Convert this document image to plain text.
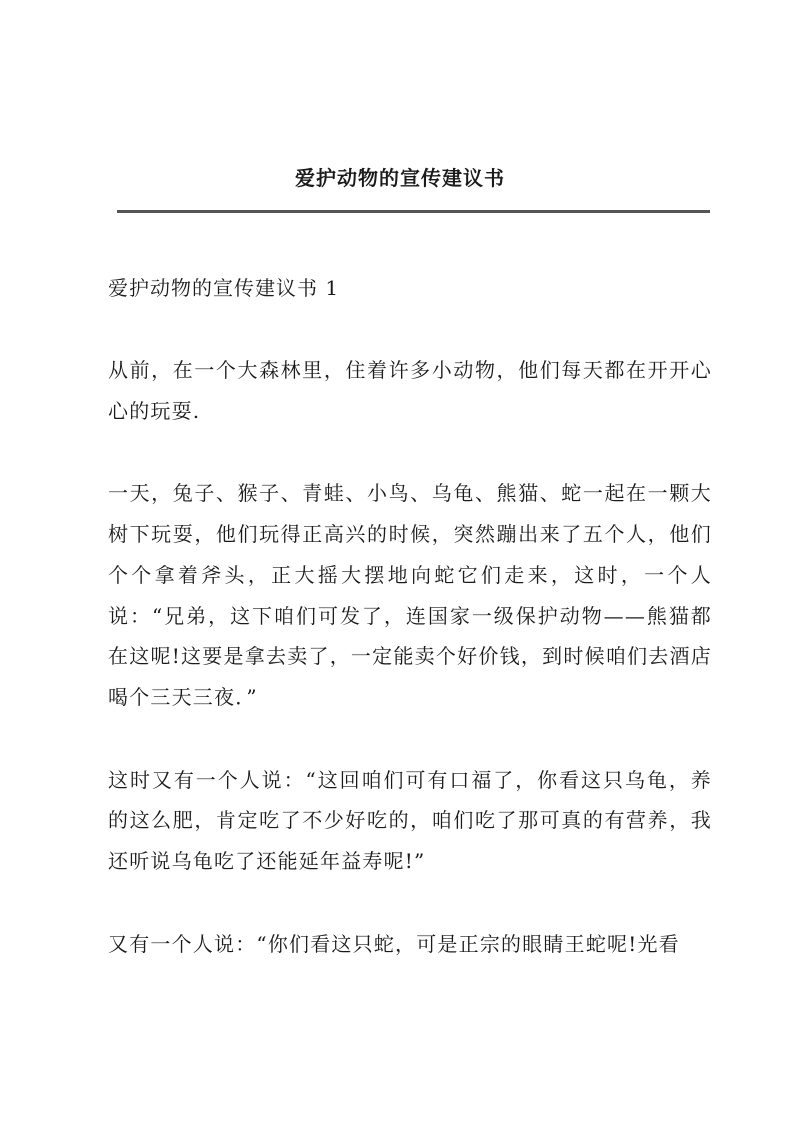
爱护动物的宣传建议书
爱护动物的宣传建议书 1

从前，在一个大森林里，住着许多小动物，他们每天都在开开心心的玩耍.

一天，兔子、猴子、青蛙、小鸟、乌龟、熊猫、蛇一起在一颗大树下玩耍，他们玩得正高兴的时候，突然蹦出来了五个人，他们个个拿着斧头，正大摇大摆地向蛇它们走来，这时，一个人说：“兄弟，这下咱们可发了，连国家一级保护动物——熊猫都在这呢!这要是拿去卖了，一定能卖个好价钱，到时候咱们去酒店喝个三天三夜．”

这时又有一个人说：“这回咱们可有口福了，你看这只乌龟，养的这么肥，肯定吃了不少好吃的，咱们吃了那可真的有营养，我还听说乌龟吃了还能延年益寿呢!”

又有一个人说：“你们看这只蛇，可是正宗的眼睛王蛇呢!光看
